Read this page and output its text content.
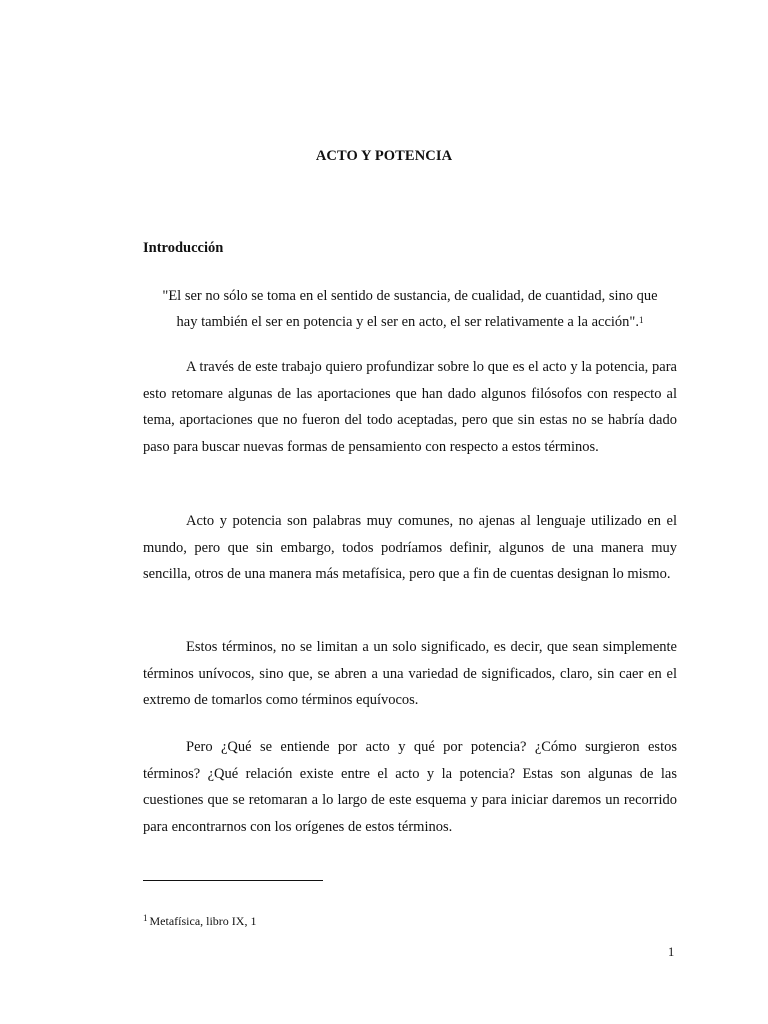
ACTO Y POTENCIA
Introducción
"El ser no sólo se toma en el sentido de sustancia, de cualidad, de cuantidad, sino que
hay también el ser en potencia y el ser en acto, el ser relativamente a la acción".$^1$

A través de este trabajo quiero profundizar sobre lo que es el acto y la potencia, para esto retomare algunas de las aportaciones que han dado algunos filósofos con respecto al tema, aportaciones que no fueron del todo aceptadas, pero que sin estas no se habría dado paso para buscar nuevas formas de pensamiento con respecto a estos términos.

Acto y potencia son palabras muy comunes, no ajenas al lenguaje utilizado en el mundo, pero que sin embargo, todos podríamos definir, algunos de una manera muy sencilla, otros de una manera más metafísica, pero que a fin de cuentas designan lo mismo.

Estos términos, no se limitan a un solo significado, es decir, que sean simplemente términos unívocos, sino que, se abren a una variedad de significados, claro, sin caer en el extremo de tomarlos como términos equívocos.

Pero ¿Qué se entiende por acto y qué por potencia? ¿Cómo surgieron estos términos? ¿Qué relación existe entre el acto y la potencia? Estas son algunas de las cuestiones que se retomaran a lo largo de este esquema y para iniciar daremos un recorrido para encontrarnos con los orígenes de estos términos.

$^1$ Metafísica, libro IX, 1
1
